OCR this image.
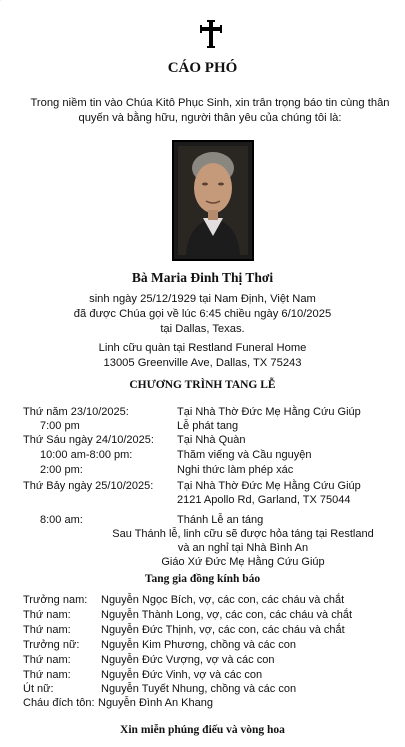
CÁO PHÓ
Trong niềm tin vào Chúa Kitô Phục Sinh, xin trân trọng báo tin cùng thân quyến và bằng hữu, người thân yêu của chúng tôi là:
Bà Maria Đinh Thị Thơi
sinh ngày 25/12/1929 tại Nam Định, Việt Nam
đã được Chúa gọi về lúc 6:45 chiều ngày 6/10/2025
tại Dallas, Texas.
Linh cữu quàn tại Restland Funeral Home
13005 Greenville Ave, Dallas, TX 75243
CHƯƠNG TRÌNH TANG LỄ
Thứ năm 23/10/2025:	Tại Nhà Thờ Đức Mẹ Hằng Cứu Giúp
7:00 pm	Lễ phát tang
Thứ Sáu ngày 24/10/2025: Tại Nhà Quàn
10:00 am-8:00 pm:	Thăm viếng và Cầu nguyện
2:00 pm:	Nghi thức làm phép xác
Thứ Bảy ngày 25/10/2025: Tại Nhà Thờ Đức Mẹ Hằng Cứu Giúp
2121 Apollo Rd, Garland, TX 75044
8:00 am:	Thánh Lễ an táng
Sau Thánh lễ, linh cữu sẽ được hỏa táng tại Restland
và an nghỉ tại Nhà Bình An
Giáo Xứ Đức Mẹ Hằng Cứu Giúp
Tang gia đồng kính báo
Trưởng nam: Nguyễn Ngọc Bích, vợ, các con, các cháu và chắt
Thứ nam:	Nguyễn Thành Long, vợ, các con, các cháu và chắt
Thứ nam:	Nguyễn Đức Thịnh, vợ, các con, các cháu và chắt
Trưởng nữ: Nguyễn Kim Phương, chồng và các con
Thứ nam:	Nguyễn Đức Vượng, vợ và các con
Thứ nam:	Nguyễn Đức Vinh, vợ và các con
Út nữ:	Nguyễn Tuyết Nhung, chồng và các con
Cháu đích tôn: Nguyễn Đình An Khang
Xin miễn phúng điếu và vòng hoa
